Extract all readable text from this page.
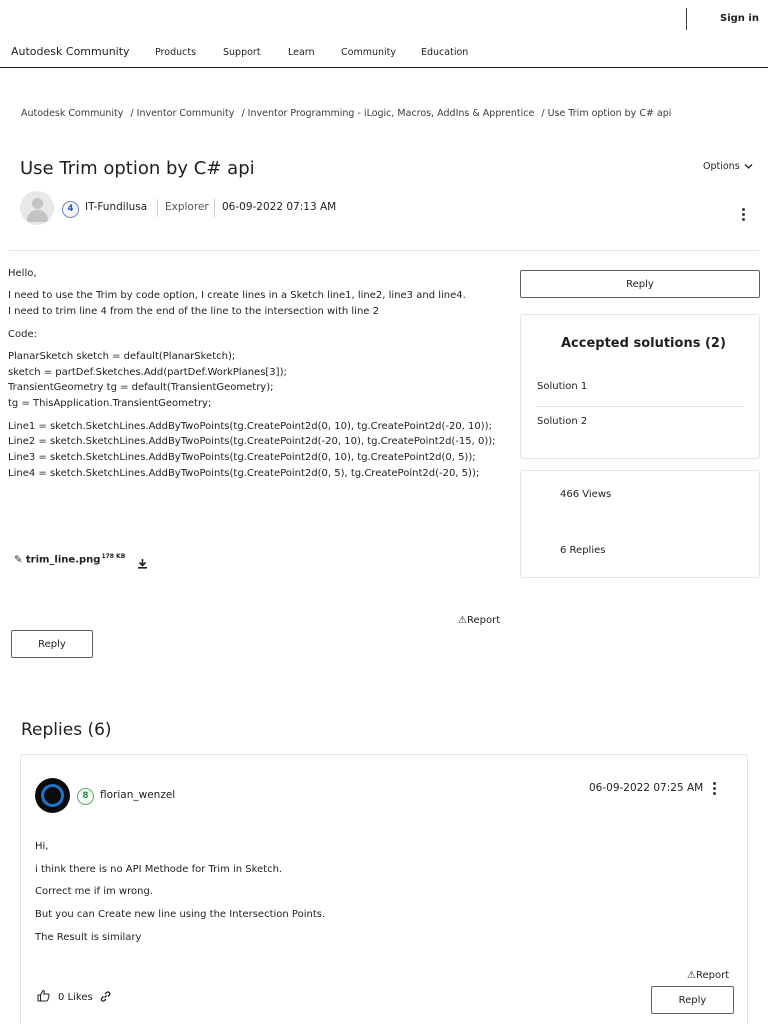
Sign in
Autodesk Community	Products	Support	Learn	Community	Education
Autodesk Community / Inventor Community / Inventor Programming - iLogic, Macros, AddIns & Apprentice / Use Trim option by C# api
Use Trim option by C# api	Options
4	IT-Fundilusa Explorer 06-09-2022 07:13 AM
Hello,
I need to use the Trim by code option, I create lines in a Sketch line1, line2, line3 and line4.
I need to trim line 4 from the end of the line to the intersection with line 2
Code:
PlanarSketch sketch = default(PlanarSketch);
sketch = partDef.Sketches.Add(partDef.WorkPlanes[3]);
TransientGeometry tg = default(TransientGeometry);
tg = ThisApplication.TransientGeometry;
Line1 = sketch.SketchLines.AddByTwoPoints(tg.CreatePoint2d(0, 10), tg.CreatePoint2d(-20, 10));
Line2 = sketch.SketchLines.AddByTwoPoints(tg.CreatePoint2d(-20, 10), tg.CreatePoint2d(-15, 0));
Line3 = sketch.SketchLines.AddByTwoPoints(tg.CreatePoint2d(0, 10), tg.CreatePoint2d(0, 5));
Line4 = sketch.SketchLines.AddByTwoPoints(tg.CreatePoint2d(0, 5), tg.CreatePoint2d(-20, 5));
✎ trim_line.png$^{178 KB}$
⚠Report
Reply
Reply
Accepted solutions (2)
Solution 1
Solution 2
466 Views
6 Replies
Replies (6)
8	florian_wenzel
06-09-2022 07:25 AM
Hi,
i think there is no API Methode for Trim in Sketch.
Correct me if im wrong.
But you can Create new line using the Intersection Points.
The Result is similary
⚠Report
0 Likes	Reply
